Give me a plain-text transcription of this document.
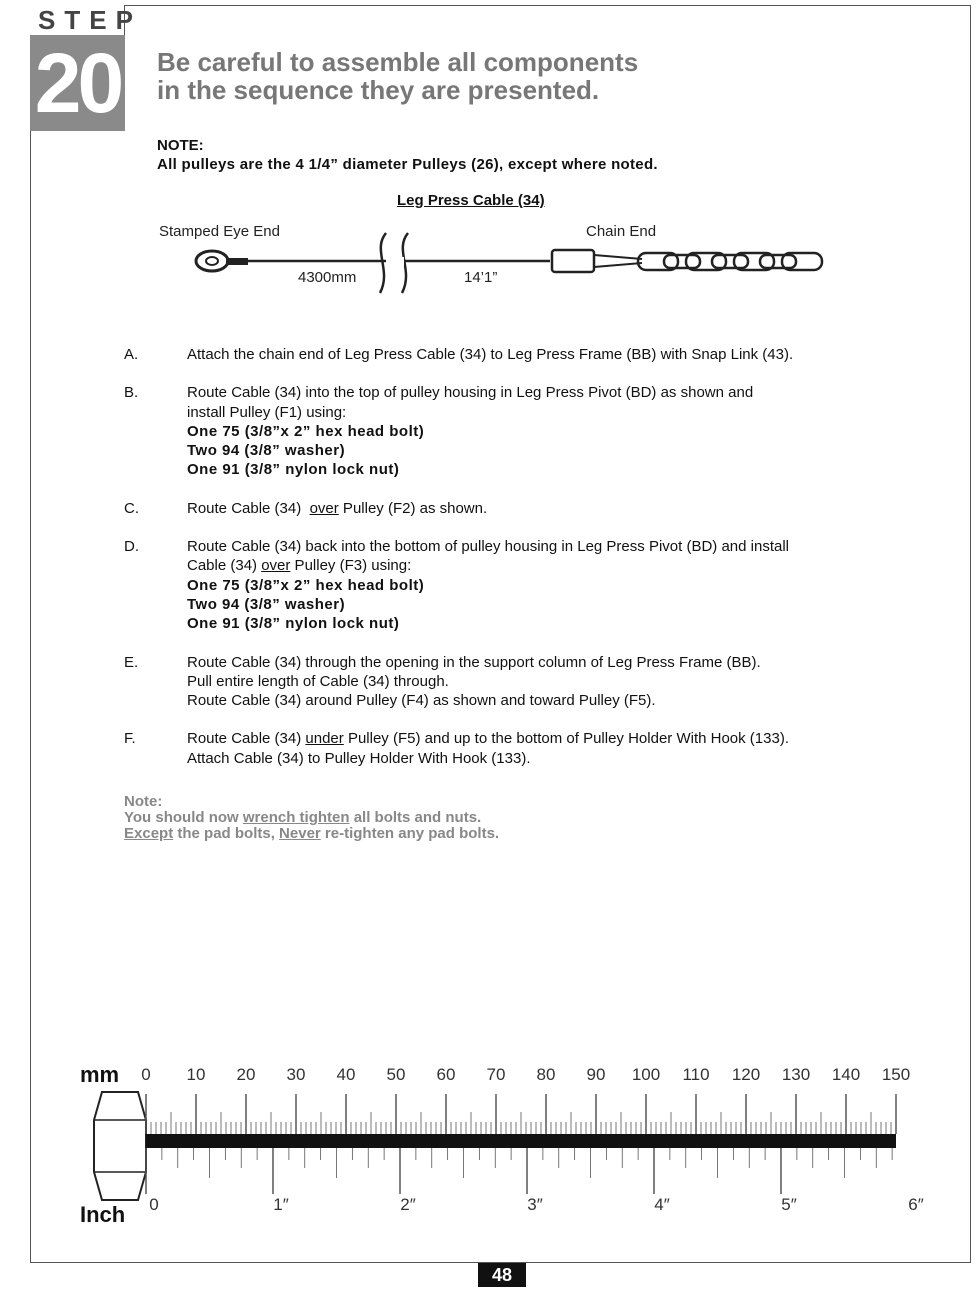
STEP
20 Be careful to assemble all components
in the sequence they are presented.
NOTE:
All pulleys are the 4 1/4” diameter Pulleys (26), except where noted.
Leg Press Cable (34)
Stamped Eye End	Chain End
4300mm	14’1”
A.	Attach the chain end of Leg Press Cable (34) to Leg Press Frame (BB) with Snap Link (43).
B.	Route Cable (34) into the top of pulley housing in Leg Press Pivot (BD) as shown and
install Pulley (F1) using:
One 75 (3/8”x 2” hex head bolt)
Two 94 (3/8” washer)
One 91 (3/8” nylon lock nut)
C.	Route Cable (34)  over Pulley (F2) as shown.
D.	Route Cable (34) back into the bottom of pulley housing in Leg Press Pivot (BD) and install
Cable (34) over Pulley (F3) using:
One 75 (3/8”x 2” hex head bolt)
Two 94 (3/8” washer)
One 91 (3/8” nylon lock nut)
E.	Route Cable (34) through the opening in the support column of Leg Press Frame (BB).
Pull entire length of Cable (34) through.
Route Cable (34) around Pulley (F4) as shown and toward Pulley (F5).
F.	Route Cable (34) under Pulley (F5) and up to the bottom of Pulley Holder With Hook (133).
Attach Cable (34) to Pulley Holder With Hook (133).
Note:
You should now wrench tighten all bolts and nuts.
Except the pad bolts, Never re-tighten any pad bolts.
mm
Inch
0 10 20 30 40 50 60 70 80 90 100 110 120 130 140 150
0	1″	2″	3″	4″	5″	6″
48
